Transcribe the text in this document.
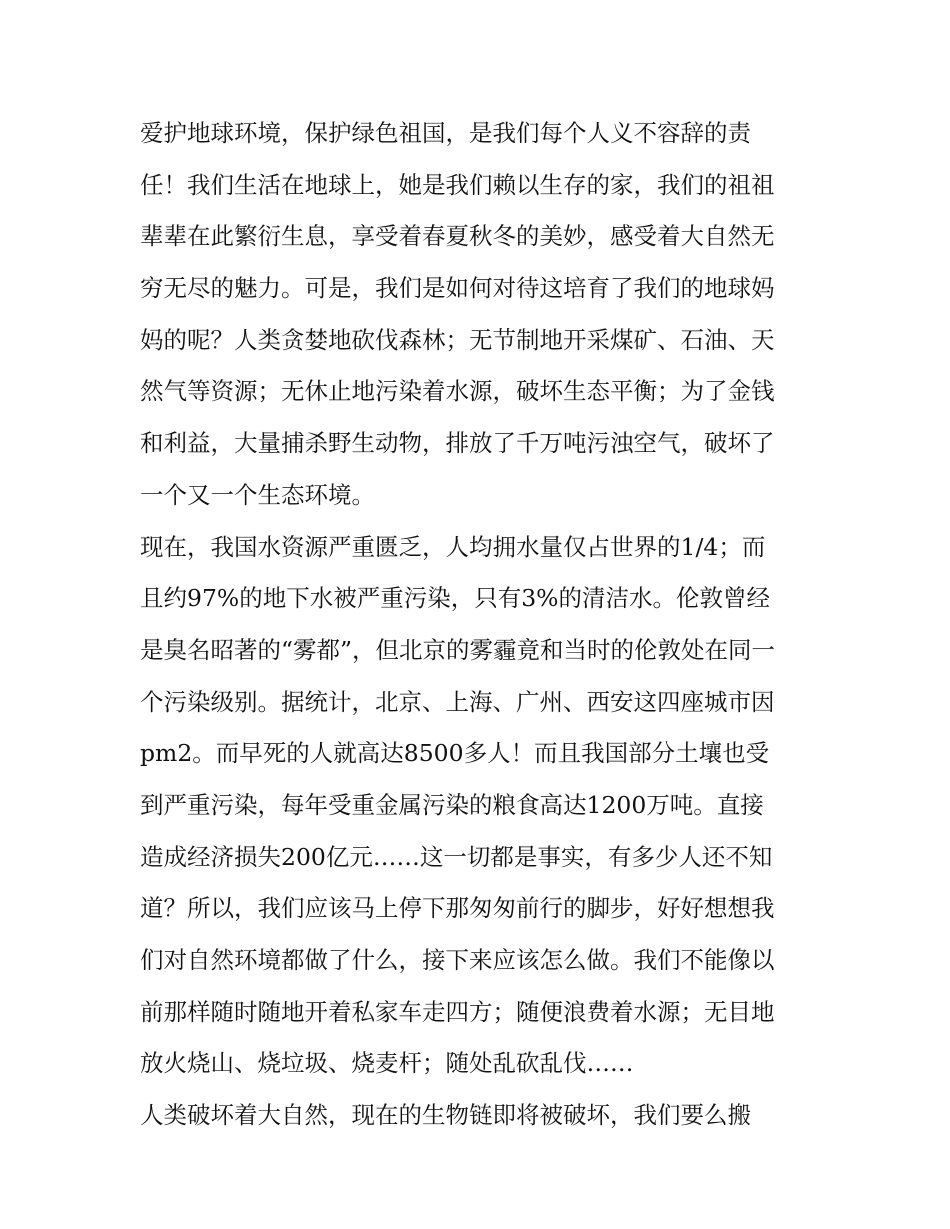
爱护地球环境，保护绿色祖国，是我们每个人义不容辞的责
任！我们生活在地球上，她是我们赖以生存的家，我们的祖祖
辈辈在此繁衍生息，享受着春夏秋冬的美妙，感受着大自然无
穷无尽的魅力。可是，我们是如何对待这培育了我们的地球妈
妈的呢？人类贪婪地砍伐森林；无节制地开采煤矿、石油、天
然气等资源；无休止地污染着水源，破坏生态平衡；为了金钱
和利益，大量捕杀野生动物，排放了千万吨污浊空气，破坏了
一个又一个生态环境。
现在，我国水资源严重匮乏，人均拥水量仅占世界的1/4；而
且约97%的地下水被严重污染，只有3%的清洁水。伦敦曾经
是臭名昭著的“雾都”，但北京的雾霾竟和当时的伦敦处在同一
个污染级别。据统计，北京、上海、广州、西安这四座城市因
pm2。而早死的人就高达8500多人！而且我国部分土壤也受
到严重污染，每年受重金属污染的粮食高达1200万吨。直接
造成经济损失200亿元……这一切都是事实，有多少人还不知
道？所以，我们应该马上停下那匆匆前行的脚步，好好想想我
们对自然环境都做了什么，接下来应该怎么做。我们不能像以
前那样随时随地开着私家车走四方；随便浪费着水源；无目地
放火烧山、烧垃圾、烧麦杆；随处乱砍乱伐……
人类破坏着大自然，现在的生物链即将被破坏，我们要么搬
